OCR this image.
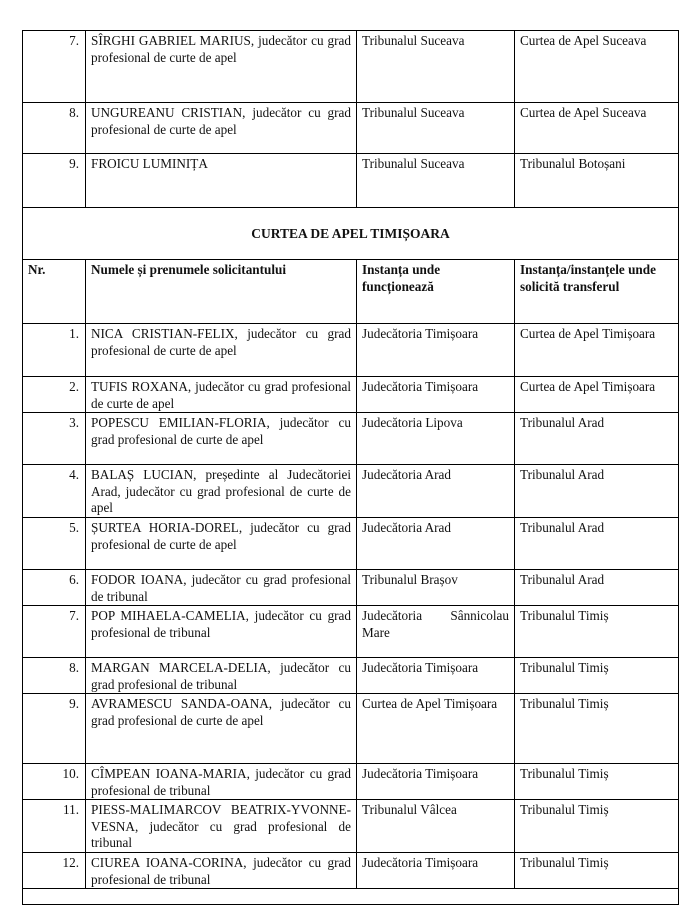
7.	SÎRGHI GABRIEL MARIUS, judecător cu grad profesional de curte de apel	Tribunalul Suceava	Curtea de Apel Suceava
8.	UNGUREANU CRISTIAN, judecător cu grad profesional de curte de apel	Tribunalul Suceava	Curtea de Apel Suceava
9.	FROICU LUMINIȚA	Tribunalul Suceava	Tribunalul Botoșani
CURTEA DE APEL TIMIȘOARA			
Nr.	Numele și prenumele solicitantului	Instanța unde funcționează	Instanța/instanțele unde solicită transferul
1.	NICA CRISTIAN-FELIX, judecător cu grad profesional de curte de apel	Judecătoria Timișoara	Curtea de Apel Timișoara
2.	TUFIS ROXANA, judecător cu grad profesional de curte de apel	Judecătoria Timișoara	Curtea de Apel Timișoara
3.	POPESCU EMILIAN-FLORIA, judecător cu grad profesional de curte de apel	Judecătoria Lipova	Tribunalul Arad
4.	BALAȘ LUCIAN, președinte al Judecătoriei Arad, judecător cu grad profesional de curte de apel	Judecătoria Arad	Tribunalul Arad
5.	ȘURTEA HORIA-DOREL, judecător cu grad profesional de curte de apel	Judecătoria Arad	Tribunalul Arad
6.	FODOR IOANA, judecător cu grad profesional de tribunal	Tribunalul Brașov	Tribunalul Arad
7.	POP MIHAELA-CAMELIA, judecător cu grad profesional de tribunal	Judecătoria Sânnicolau Mare	Tribunalul Timiș
8.	MARGAN MARCELA-DELIA, judecător cu grad profesional de tribunal	Judecătoria Timișoara	Tribunalul Timiș
9.	AVRAMESCU SANDA-OANA, judecător cu grad profesional de curte de apel	Curtea de Apel Timișoara	Tribunalul Timiș
10.	CÎMPEAN IOANA-MARIA, judecător cu grad profesional de tribunal	Judecătoria Timișoara	Tribunalul Timiș
11.	PIESS-MALIMARCOV BEATRIX-YVONNE-VESNA, judecător cu grad profesional de tribunal	Tribunalul Vâlcea	Tribunalul Timiș
12.	CIUREA IOANA-CORINA, judecător cu grad profesional de tribunal	Judecătoria Timișoara	Tribunalul Timiș
